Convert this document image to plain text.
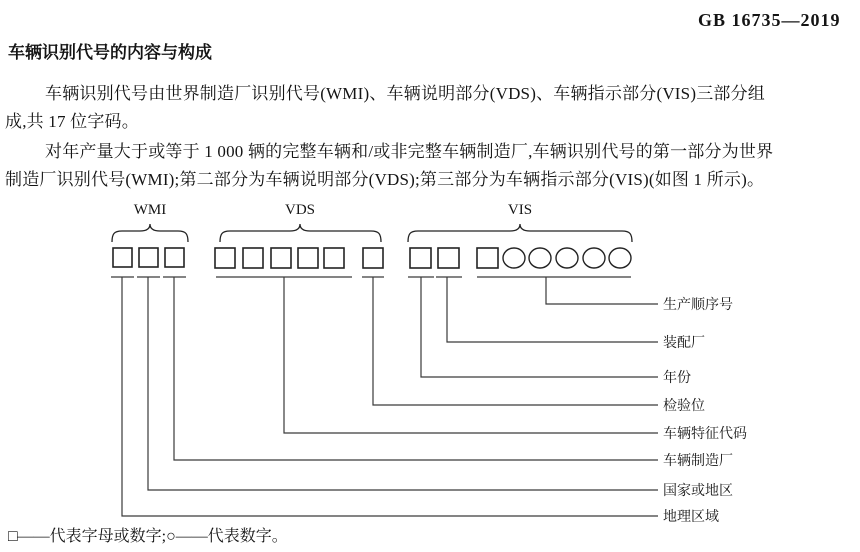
GB 16735—2019
车辆识别代号的内容与构成
车辆识别代号由世界制造厂识别代号(WMI)、车辆说明部分(VDS)、车辆指示部分(VIS)三部分组
成,共 17 位字码。
对年产量大于或等于 1 000 辆的完整车辆和/或非完整车辆制造厂,车辆识别代号的第一部分为世界
制造厂识别代号(WMI);第二部分为车辆说明部分(VDS);第三部分为车辆指示部分(VIS)(如图 1 所示)。
WMI	VDS	VIS
生产顺序号
装配厂
年份
检验位
车辆特征代码
车辆制造厂
国家或地区
地理区域
□——代表字母或数字;○——代表数字。
